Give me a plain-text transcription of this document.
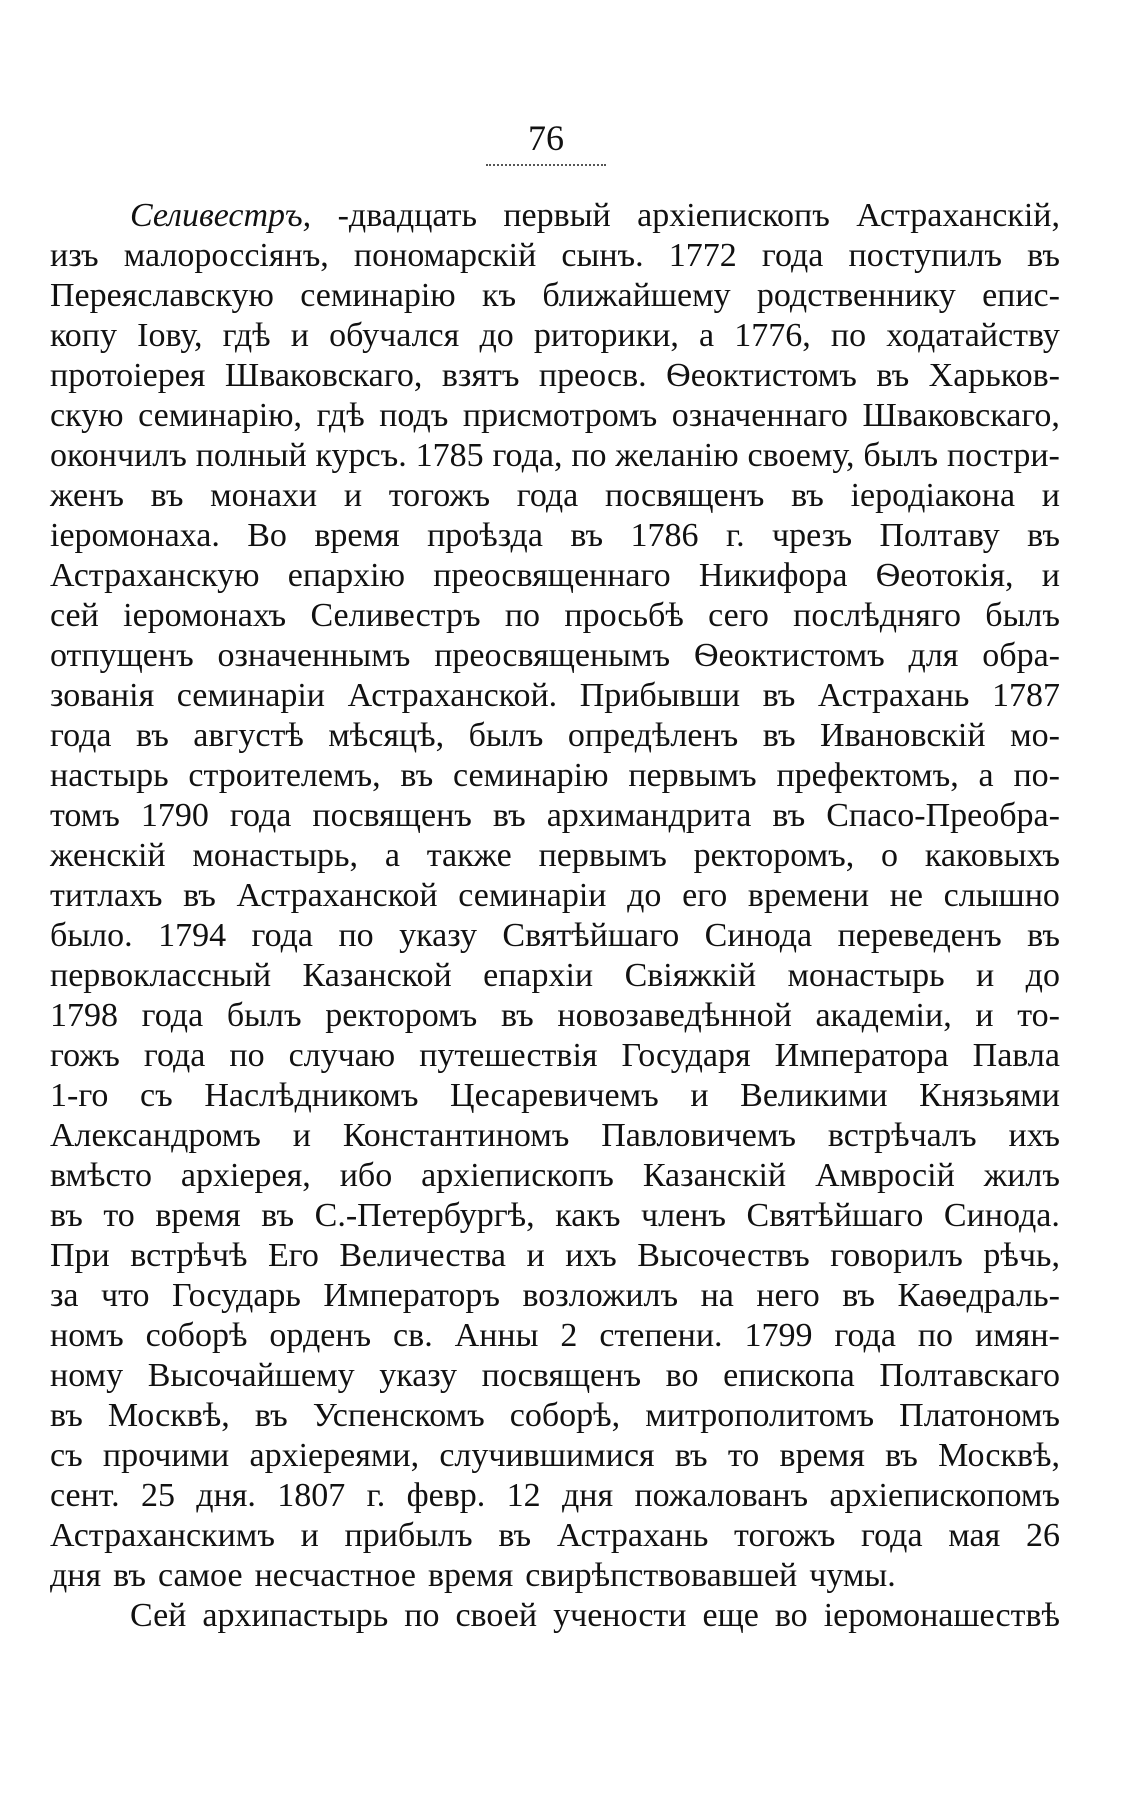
76
Селивестръ, -двадцать первый архіепископъ Астраханскій,
изъ малороссіянъ, пономарскій сынъ. 1772 года поступилъ въ
Переяславскую семинарію къ ближайшему родственнику епис-
копу Іову, гдѣ и обучался до риторики, а 1776, по ходатайству
протоіерея Шваковскаго, взятъ преосв. Ѳеоктистомъ въ Харьков-
скую семинарію, гдѣ подъ присмотромъ означеннаго Шваковскаго,
окончилъ полный курсъ. 1785 года, по желанію своему, былъ постри-
женъ въ монахи и тогожъ года посвященъ въ іеродіакона и
іеромонаха. Во время проѣзда въ 1786 г. чрезъ Полтаву въ
Астраханскую епархію преосвященнаго Никифора Ѳеотокія, и
сей іеромонахъ Селивестръ по просьбѣ сего послѣдняго былъ
отпущенъ означеннымъ преосвященымъ Ѳеоктистомъ для обра-
зованія семинаріи Астраханской. Прибывши въ Астрахань 1787
года въ августѣ мѣсяцѣ, былъ опредѣленъ въ Ивановскій мо-
настырь строителемъ, въ семинарію первымъ префектомъ, а по-
томъ 1790 года посвященъ въ архимандрита въ Спасо-Преобра-
женскій монастырь, а также первымъ ректоромъ, о каковыхъ
титлахъ въ Астраханской семинаріи до его времени не слышно
было. 1794 года по указу Святѣйшаго Синода переведенъ въ
первоклассный Казанской епархіи Свіяжкій монастырь и до
1798 года былъ ректоромъ въ новозаведѣнной академіи, и то-
гожъ года по случаю путешествія Государя Императора Павла
1-го съ Наслѣдникомъ Цесаревичемъ и Великими Князьями
Александромъ и Константиномъ Павловичемъ встрѣчалъ ихъ
вмѣсто архіерея, ибо архіепископъ Казанскій Амвросій жилъ
въ то время въ С.-Петербургѣ, какъ членъ Святѣйшаго Синода.
При встрѣчѣ Его Величества и ихъ Высочествъ говорилъ рѣчь,
за что Государь Императоръ возложилъ на него въ Каѳедраль-
номъ соборѣ орденъ св. Анны 2 степени. 1799 года по имян-
ному Высочайшему указу посвященъ во епископа Полтавскаго
въ Москвѣ, въ Успенскомъ соборѣ, митрополитомъ Платономъ
съ прочими архіереями, случившимися въ то время въ Москвѣ,
сент. 25 дня. 1807 г. февр. 12 дня пожалованъ архіепископомъ
Астраханскимъ и прибылъ въ Астрахань тогожъ года мая 26
дня въ самое несчастное время свирѣпствовавшей чумы.
Сей архипастырь по своей учености еще во іеромонашествѣ
